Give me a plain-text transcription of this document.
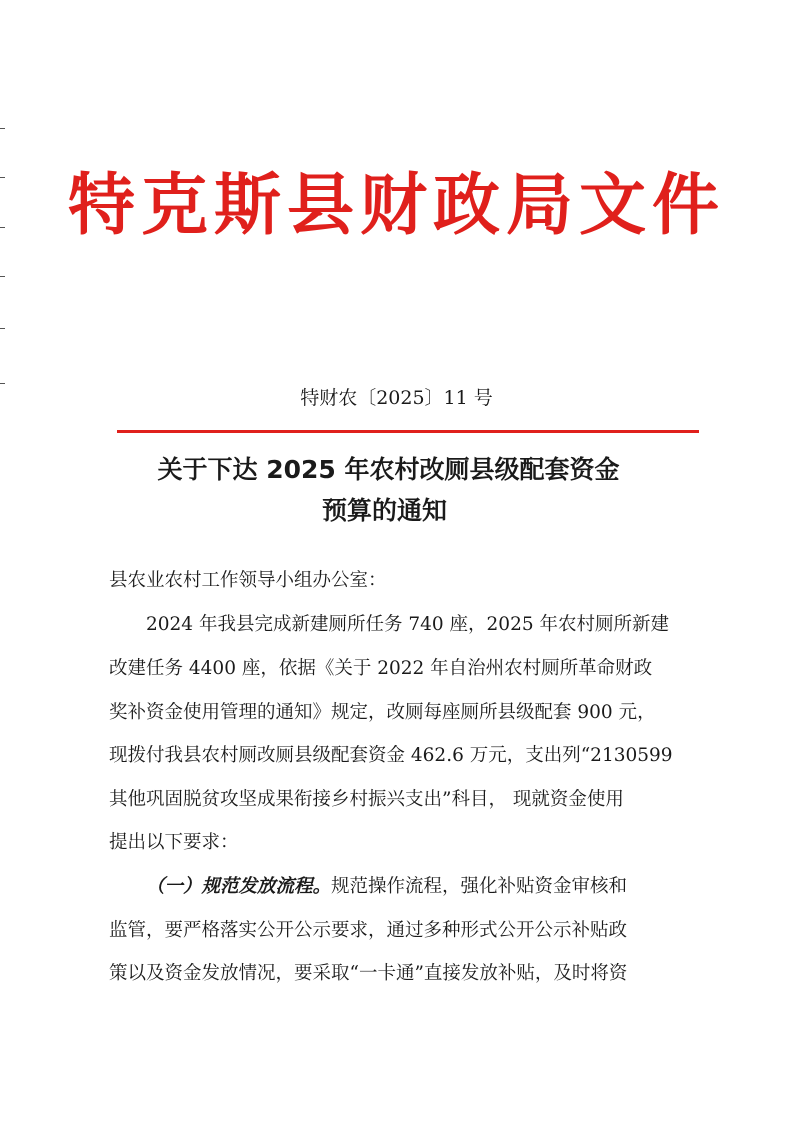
特克斯县财政局文件
特财农〔2025〕11 号
关于下达 2025 年农村改厕县级配套资金
预算的通知
县农业农村工作领导小组办公室：
2024 年我县完成新建厕所任务 740 座，2025 年农村厕所新建
改建任务 4400 座，依据《关于 2022 年自治州农村厕所革命财政
奖补资金使用管理的通知》规定，改厕每座厕所县级配套 900 元，
现拨付我县农村厕改厕县级配套资金 462.6 万元，支出列“2130599
其他巩固脱贫攻坚成果衔接乡村振兴支出”科目， 现就资金使用
提出以下要求：
（一）规范发放流程。规范操作流程，强化补贴资金审核和
监管，要严格落实公开公示要求，通过多种形式公开公示补贴政
策以及资金发放情况，要采取“一卡通”直接发放补贴，及时将资
